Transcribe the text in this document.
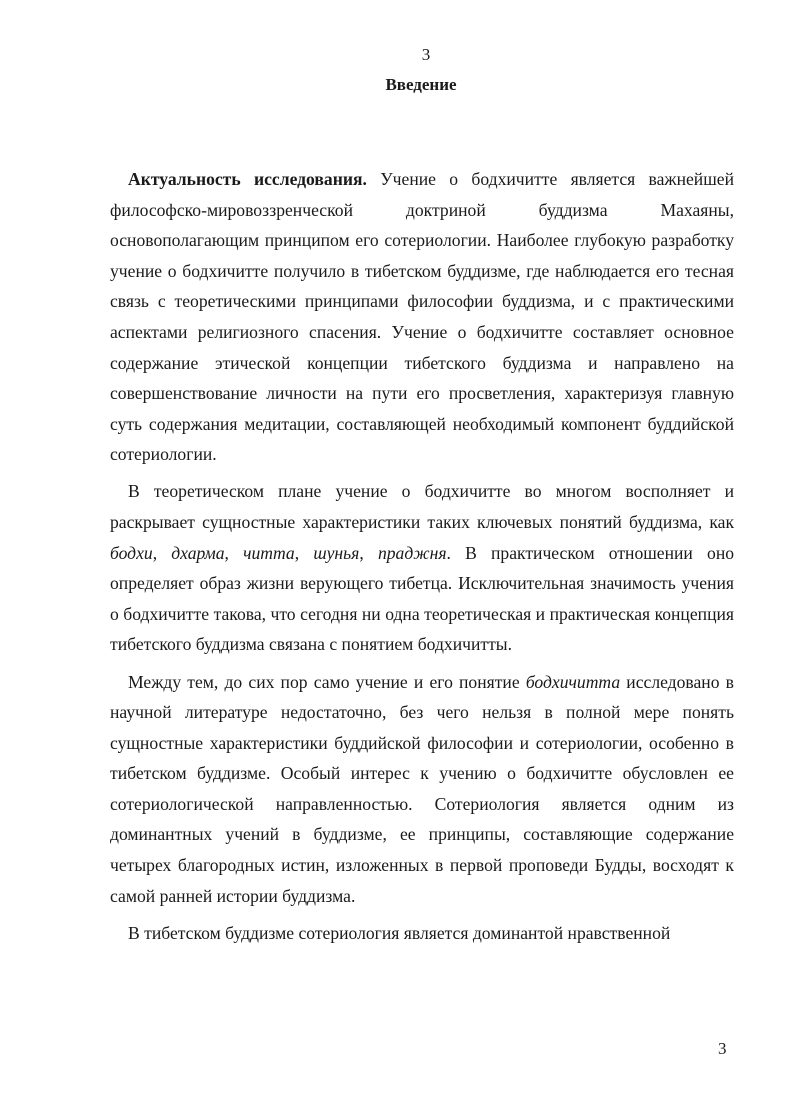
3
Введение

Актуальность исследования. Учение о бодхичитте является важнейшей философско-мировоззренческой доктриной буддизма Махаяны, основополагающим принципом его сотериологии. Наиболее глубокую разработку учение о бодхичитте получило в тибетском буддизме, где наблюдается его тесная связь с теоретическими принципами философии буддизма, и с практическими аспектами религиозного спасения. Учение о бодхичитте составляет основное содержание этической концепции тибетского буддизма и направлено на совершенствование личности на пути его просветления, характеризуя главную суть содержания медитации, составляющей необходимый компонент буддийской сотериологии.

В теоретическом плане учение о бодхичитте во многом восполняет и раскрывает сущностные характеристики таких ключевых понятий буддизма, как бодхи, дхарма, читта, шунья, праджня. В практическом отношении оно определяет образ жизни верующего тибетца. Исключительная значимость учения о бодхичитте такова, что сегодня ни одна теоретическая и практическая концепция тибетского буддизма связана с понятием бодхичитты.

Между тем, до сих пор само учение и его понятие бодхичитта исследовано в научной литературе недостаточно, без чего нельзя в полной мере понять сущностные характеристики буддийской философии и сотериологии, особенно в тибетском буддизме. Особый интерес к учению о бодхичитте обусловлен ее сотериологической направленностью. Сотериология является одним из доминантных учений в буддизме, ее принципы, составляющие содержание четырех благородных истин, изложенных в первой проповеди Будды, восходят к самой ранней истории буддизма.

В тибетском буддизме сотериология является доминантой нравственной

3
